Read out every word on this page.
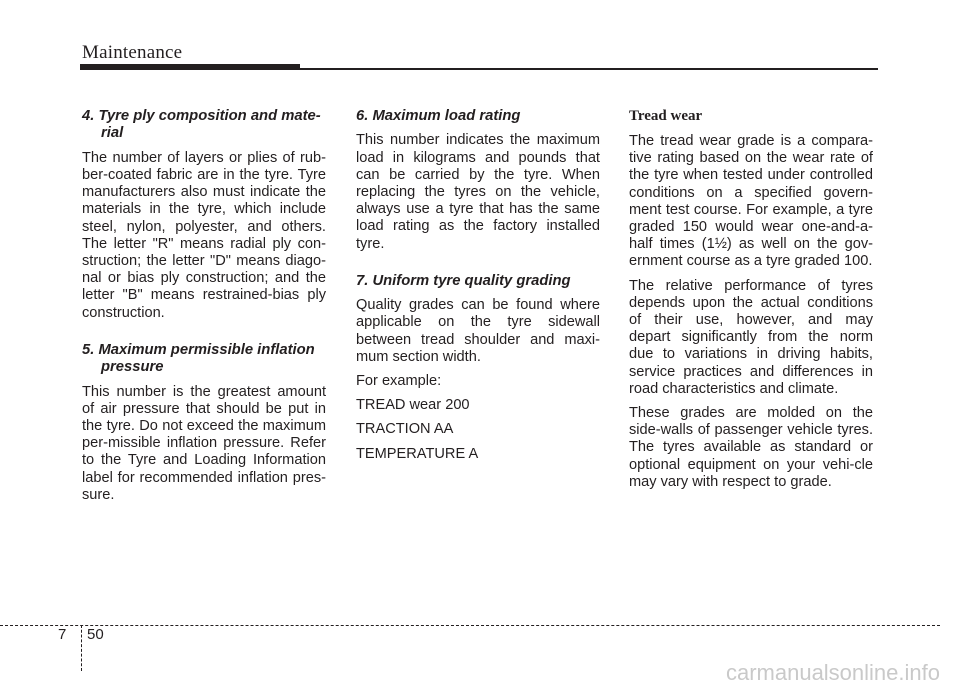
Maintenance
4. Tyre ply composition and mate-
rial

The number of layers or plies of rub-ber-coated fabric are in the tyre. Tyre manufacturers also must indicate the materials in the tyre, which include steel, nylon, polyester, and others. The letter "R" means radial ply con-struction; the letter "D" means diago-nal or bias ply construction; and the letter "B" means restrained-bias ply construction.

5. Maximum permissible inflation
pressure

This number is the greatest amount of air pressure that should be put in the tyre. Do not exceed the maximum per-missible inflation pressure. Refer to the Tyre and Loading Information label for recommended inflation pres-sure.

6. Maximum load rating

This number indicates the maximum load in kilograms and pounds that can be carried by the tyre. When replacing the tyres on the vehicle, always use a tyre that has the same load rating as the factory installed tyre.

7. Uniform tyre quality grading

Quality grades can be found where applicable on the tyre sidewall between tread shoulder and maxi-mum section width.

For example:

TREAD wear 200

TRACTION AA

TEMPERATURE A

Tread wear

The tread wear grade is a compara-tive rating based on the wear rate of the tyre when tested under controlled conditions on a specified govern-ment test course. For example, a tyre graded 150 would wear one-and-a-half times (1½) as well on the gov-ernment course as a tyre graded 100.

The relative performance of tyres depends upon the actual conditions of their use, however, and may depart significantly from the norm due to variations in driving habits, service practices and differences in road characteristics and climate.

These grades are molded on the side-walls of passenger vehicle tyres. The tyres available as standard or optional equipment on your vehi-cle may vary with respect to grade.

7 50
carmanualsonline.info
